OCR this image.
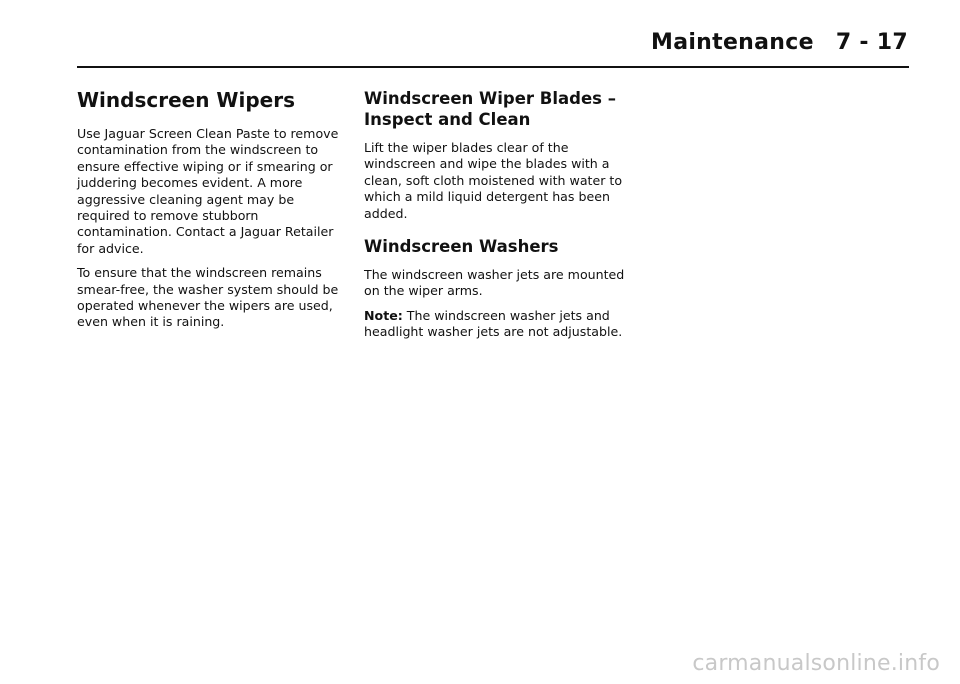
Maintenance 7 - 17
Windscreen Wipers

Use Jaguar Screen Clean Paste to remove contamination from the windscreen to ensure effective wiping or if smearing or juddering becomes evident. A more aggressive cleaning agent may be required to remove stubborn contamination. Contact a Jaguar Retailer for advice.

To ensure that the windscreen remains smear-free, the washer system should be operated whenever the wipers are used, even when it is raining.

Windscreen Wiper Blades – Inspect and Clean

Lift the wiper blades clear of the windscreen and wipe the blades with a clean, soft cloth moistened with water to which a mild liquid detergent has been added.

Windscreen Washers

The windscreen washer jets are mounted on the wiper arms.

Note: The windscreen washer jets and headlight washer jets are not adjustable.

carmanualsonline.info
